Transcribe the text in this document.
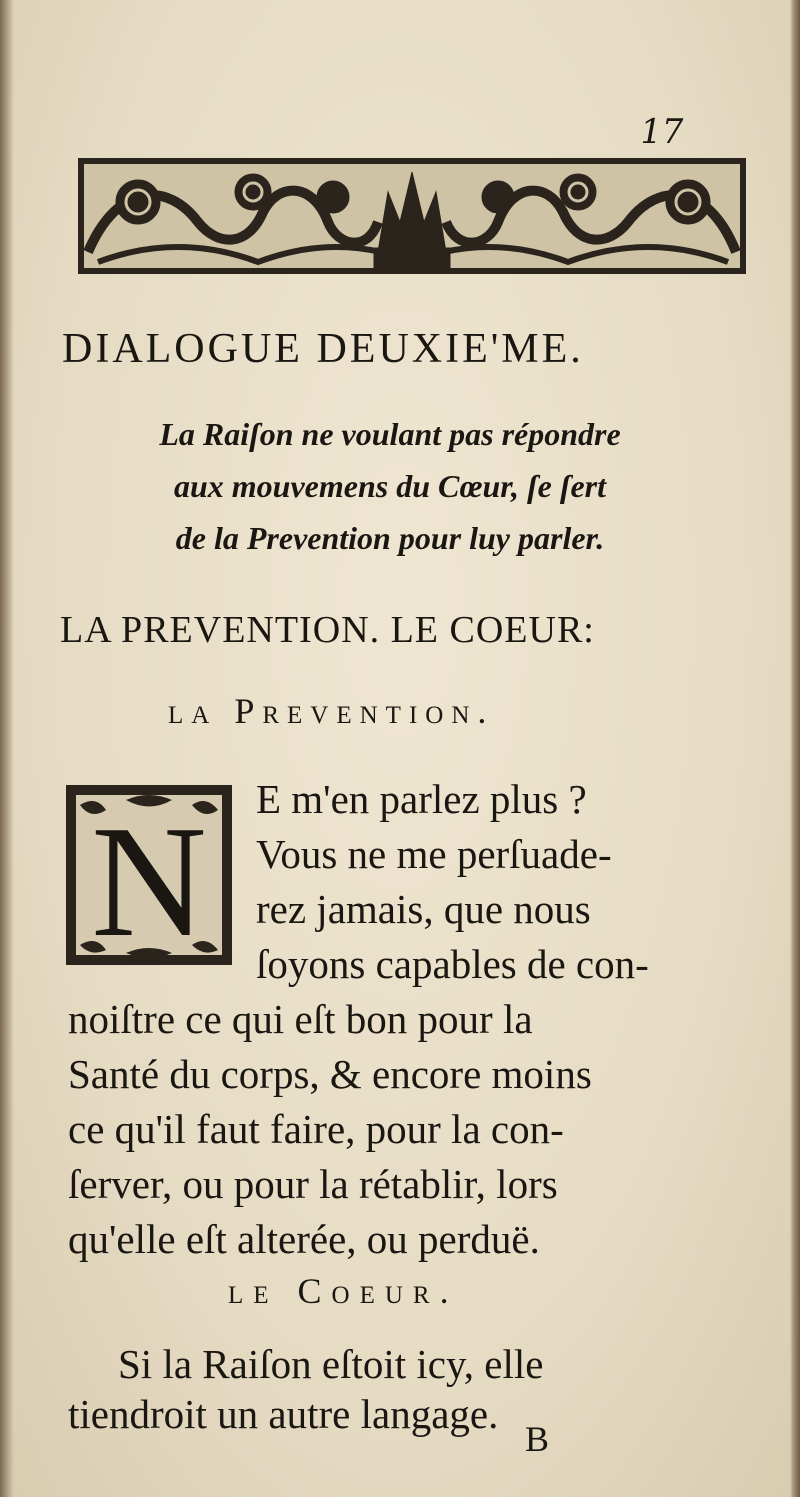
17
DIALOGUE DEUXIE'ME.
La Raiſon ne voulant pas répondre
aux mouvemens du Cœur, ſe ſert
de la Prevention pour luy parler.
LA PREVENTION. LE COEUR:
la Prevention.
N E m'en parlez plus ?
Vous ne me perſuade-
rez jamais, que nous
ſoyons capables de con-
noiſtre ce qui eſt bon pour la
Santé du corps, & encore moins
ce qu'il faut faire, pour la con-
ſerver, ou pour la rétablir, lors
qu'elle eſt alterée, ou perduë.
le Coeur.
Si la Raiſon eſtoit icy, elle
tiendroit un autre langage.
B
